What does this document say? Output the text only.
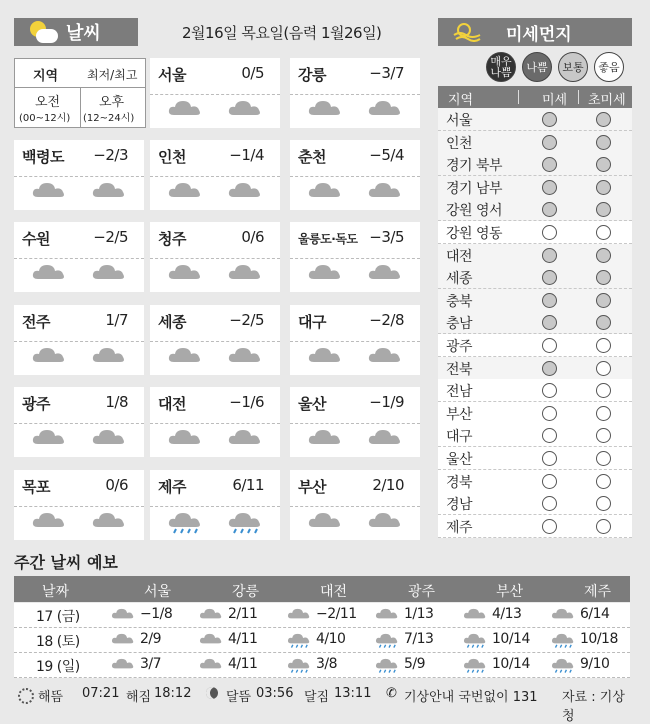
날씨	2월16일 목요일(음력 1월26일)	미세먼지
지역 최저/최고
오전
(00~12시)
오후
(12~24시)
서울	0/5 강릉	−3/7
백령도 −2/3 인천	−1/4 춘천	−5/4
수원	−2/5 청주	0/6	울릉도·독도 −3/5
전주	1/7 세종	−2/5 대구	−2/8
광주	1/8 대전	−1/6 울산	−1/9
목포	0/6 제주	6/11 부산	2/10
매우
나쁨 나쁨 보통 좋음
지역	미세 초미세
서울
인천
경기 북부
경기 남부
강원 영서
강원 영동
대전
세종
충북
충남
광주
전북
전남
부산
대구
울산
경북
경남
제주
주간 날씨 예보
날짜	서울	강릉	대전	광주	부산	제주
17 (금)	−1/8	2/11	−2/11	1/13	4/13	6/14
18 (토)	2/9	4/11	4/10	7/13	10/14	10/18
19 (일)	3/7	4/11	3/8	5/9	10/14	9/10
해뜸 07:21 해짐 18:12	달뜸 03:56 달짐 13:11 ✆ 기상안내 국번없이 131 자료 : 기상청
